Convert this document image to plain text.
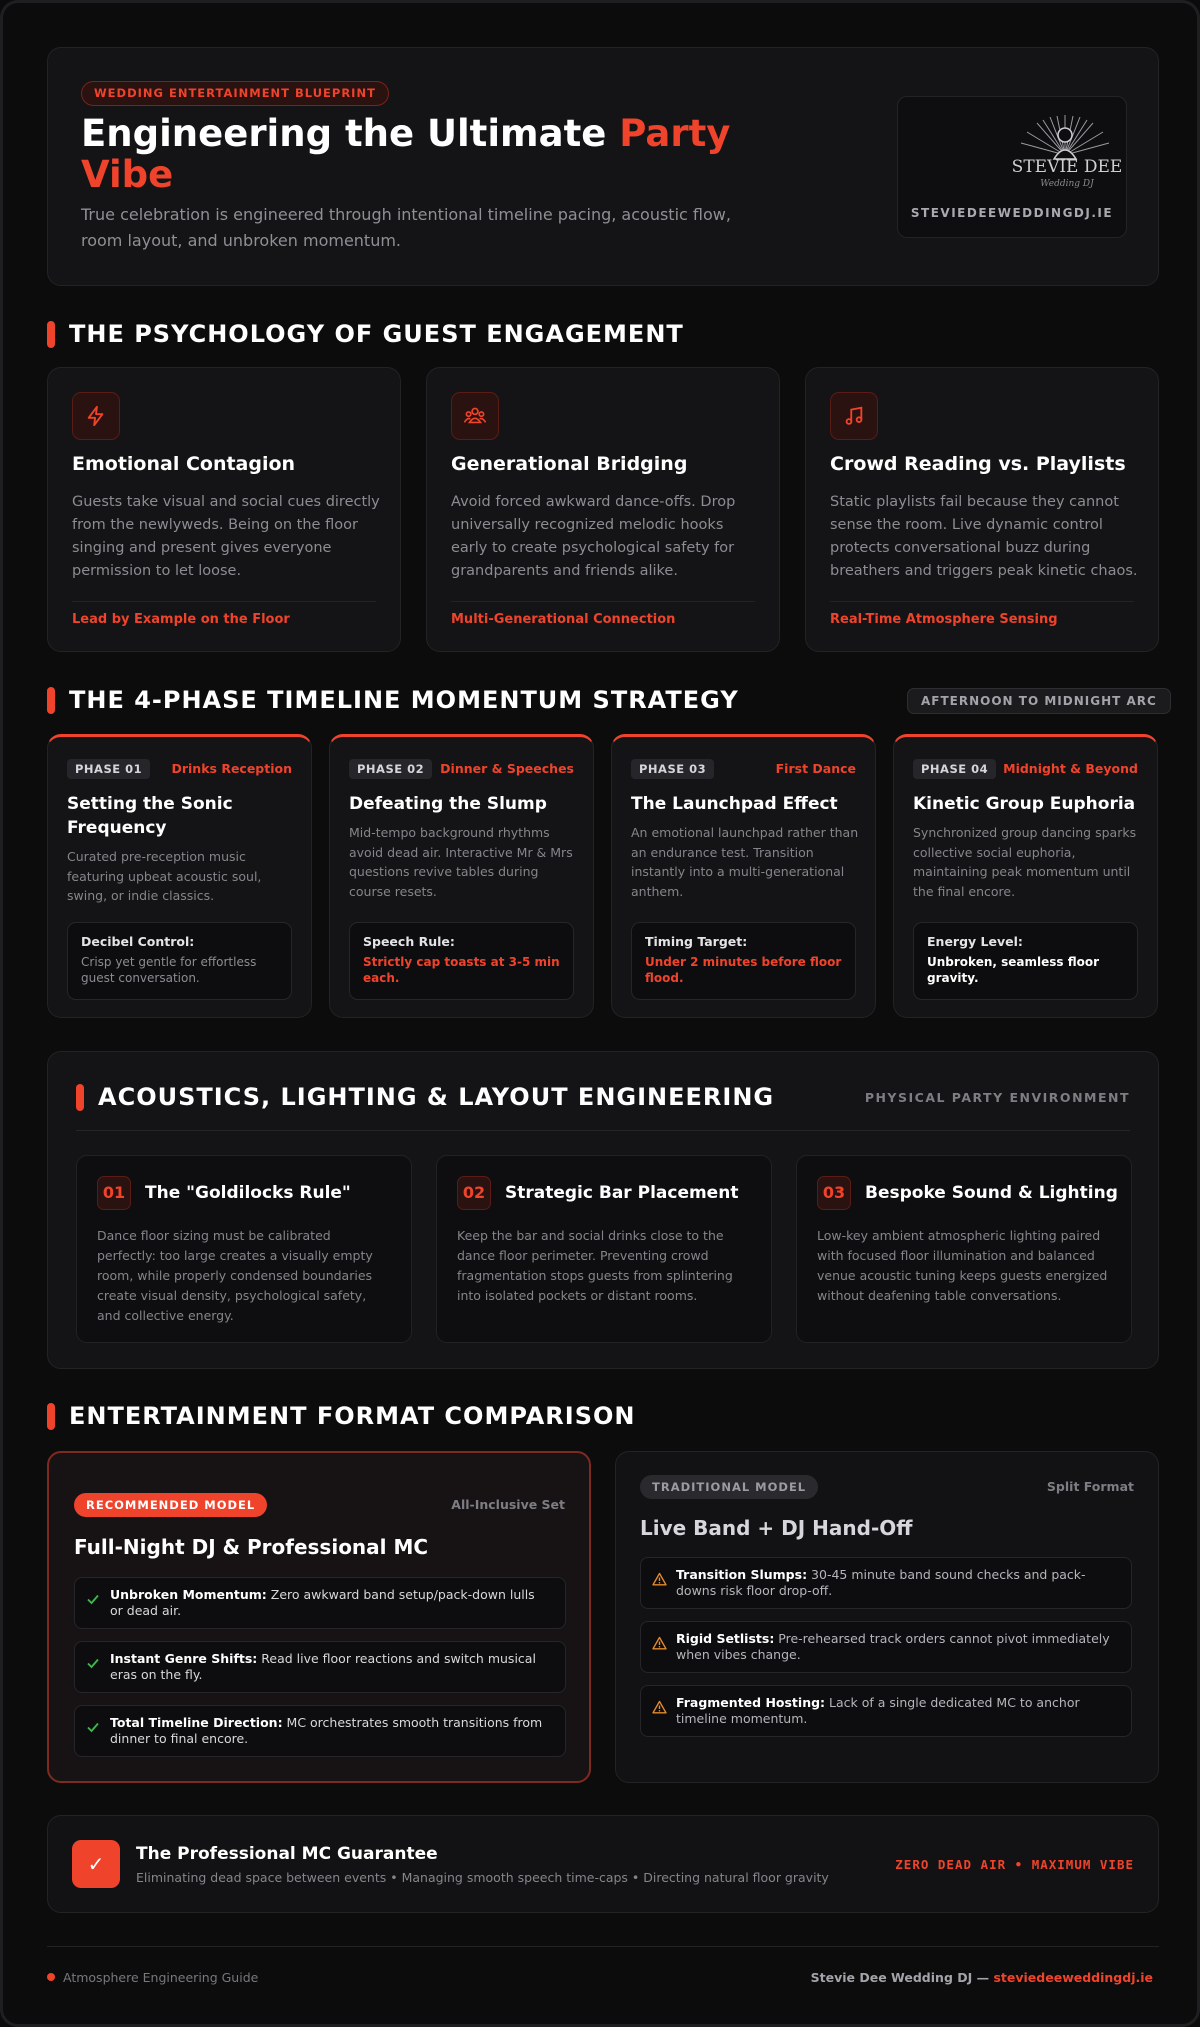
WEDDING ENTERTAINMENT BLUEPRINT
Engineering the Ultimate Party Vibe
True celebration is engineered through intentional timeline pacing, acoustic flow, room layout, and unbroken momentum.
STEVIE DEE
Wedding DJ
STEVIEDEEWEDDINGDJ.IE
THE PSYCHOLOGY OF GUEST ENGAGEMENT
Emotional Contagion
Guests take visual and social cues directly from the newlyweds. Being on the floor singing and present gives everyone permission to let loose.
Lead by Example on the Floor
Generational Bridging
Avoid forced awkward dance-offs. Drop universally recognized melodic hooks early to create psychological safety for grandparents and friends alike.
Multi-Generational Connection
Crowd Reading vs. Playlists
Static playlists fail because they cannot sense the room. Live dynamic control protects conversational buzz during breathers and triggers peak kinetic chaos.
Real-Time Atmosphere Sensing
THE 4-PHASE TIMELINE MOMENTUM STRATEGY	AFTERNOON TO MIDNIGHT ARC
PHASE 01	Drinks Reception
Setting the Sonic Frequency
Curated pre-reception music featuring upbeat acoustic soul, swing, or indie classics.
Decibel Control:
Crisp yet gentle for effortless guest conversation.
PHASE 02	Dinner & Speeches
Defeating the Slump
Mid-tempo background rhythms avoid dead air. Interactive Mr & Mrs questions revive tables during course resets.
Speech Rule:
Strictly cap toasts at 3-5 min each.
PHASE 03	First Dance
The Launchpad Effect
An emotional launchpad rather than an endurance test. Transition instantly into a multi-generational anthem.
Timing Target:
Under 2 minutes before floor flood.
PHASE 04	Midnight & Beyond
Kinetic Group Euphoria
Synchronized group dancing sparks collective social euphoria, maintaining peak momentum until the final encore.
Energy Level:
Unbroken, seamless floor gravity.
ACOUSTICS, LIGHTING & LAYOUT ENGINEERING	PHYSICAL PARTY ENVIRONMENT
01	The "Goldilocks Rule"
Dance floor sizing must be calibrated perfectly: too large creates a visually empty room, while properly condensed boundaries create visual density, psychological safety, and collective energy.
02	Strategic Bar Placement
Keep the bar and social drinks close to the dance floor perimeter. Preventing crowd fragmentation stops guests from splintering into isolated pockets or distant rooms.
03	Bespoke Sound & Lighting
Low-key ambient atmospheric lighting paired with focused floor illumination and balanced venue acoustic tuning keeps guests energized without deafening table conversations.
ENTERTAINMENT FORMAT COMPARISON
RECOMMENDED MODEL	All-Inclusive Set
Full-Night DJ & Professional MC
Unbroken Momentum: Zero awkward band setup/pack-down lulls or dead air.
Instant Genre Shifts: Read live floor reactions and switch musical eras on the fly.
Total Timeline Direction: MC orchestrates smooth transitions from dinner to final encore.
TRADITIONAL MODEL	Split Format
Live Band + DJ Hand-Off
Transition Slumps: 30-45 minute band sound checks and pack-downs risk floor drop-off.
Rigid Setlists: Pre-rehearsed track orders cannot pivot immediately when vibes change.
Fragmented Hosting: Lack of a single dedicated MC to anchor timeline momentum.
✓	The Professional MC Guarantee
Eliminating dead space between events • Managing smooth speech time-caps • Directing natural floor gravity
ZERO DEAD AIR • MAXIMUM VIBE
Atmosphere Engineering Guide	Stevie Dee Wedding DJ — steviedeeweddingdj.ie
